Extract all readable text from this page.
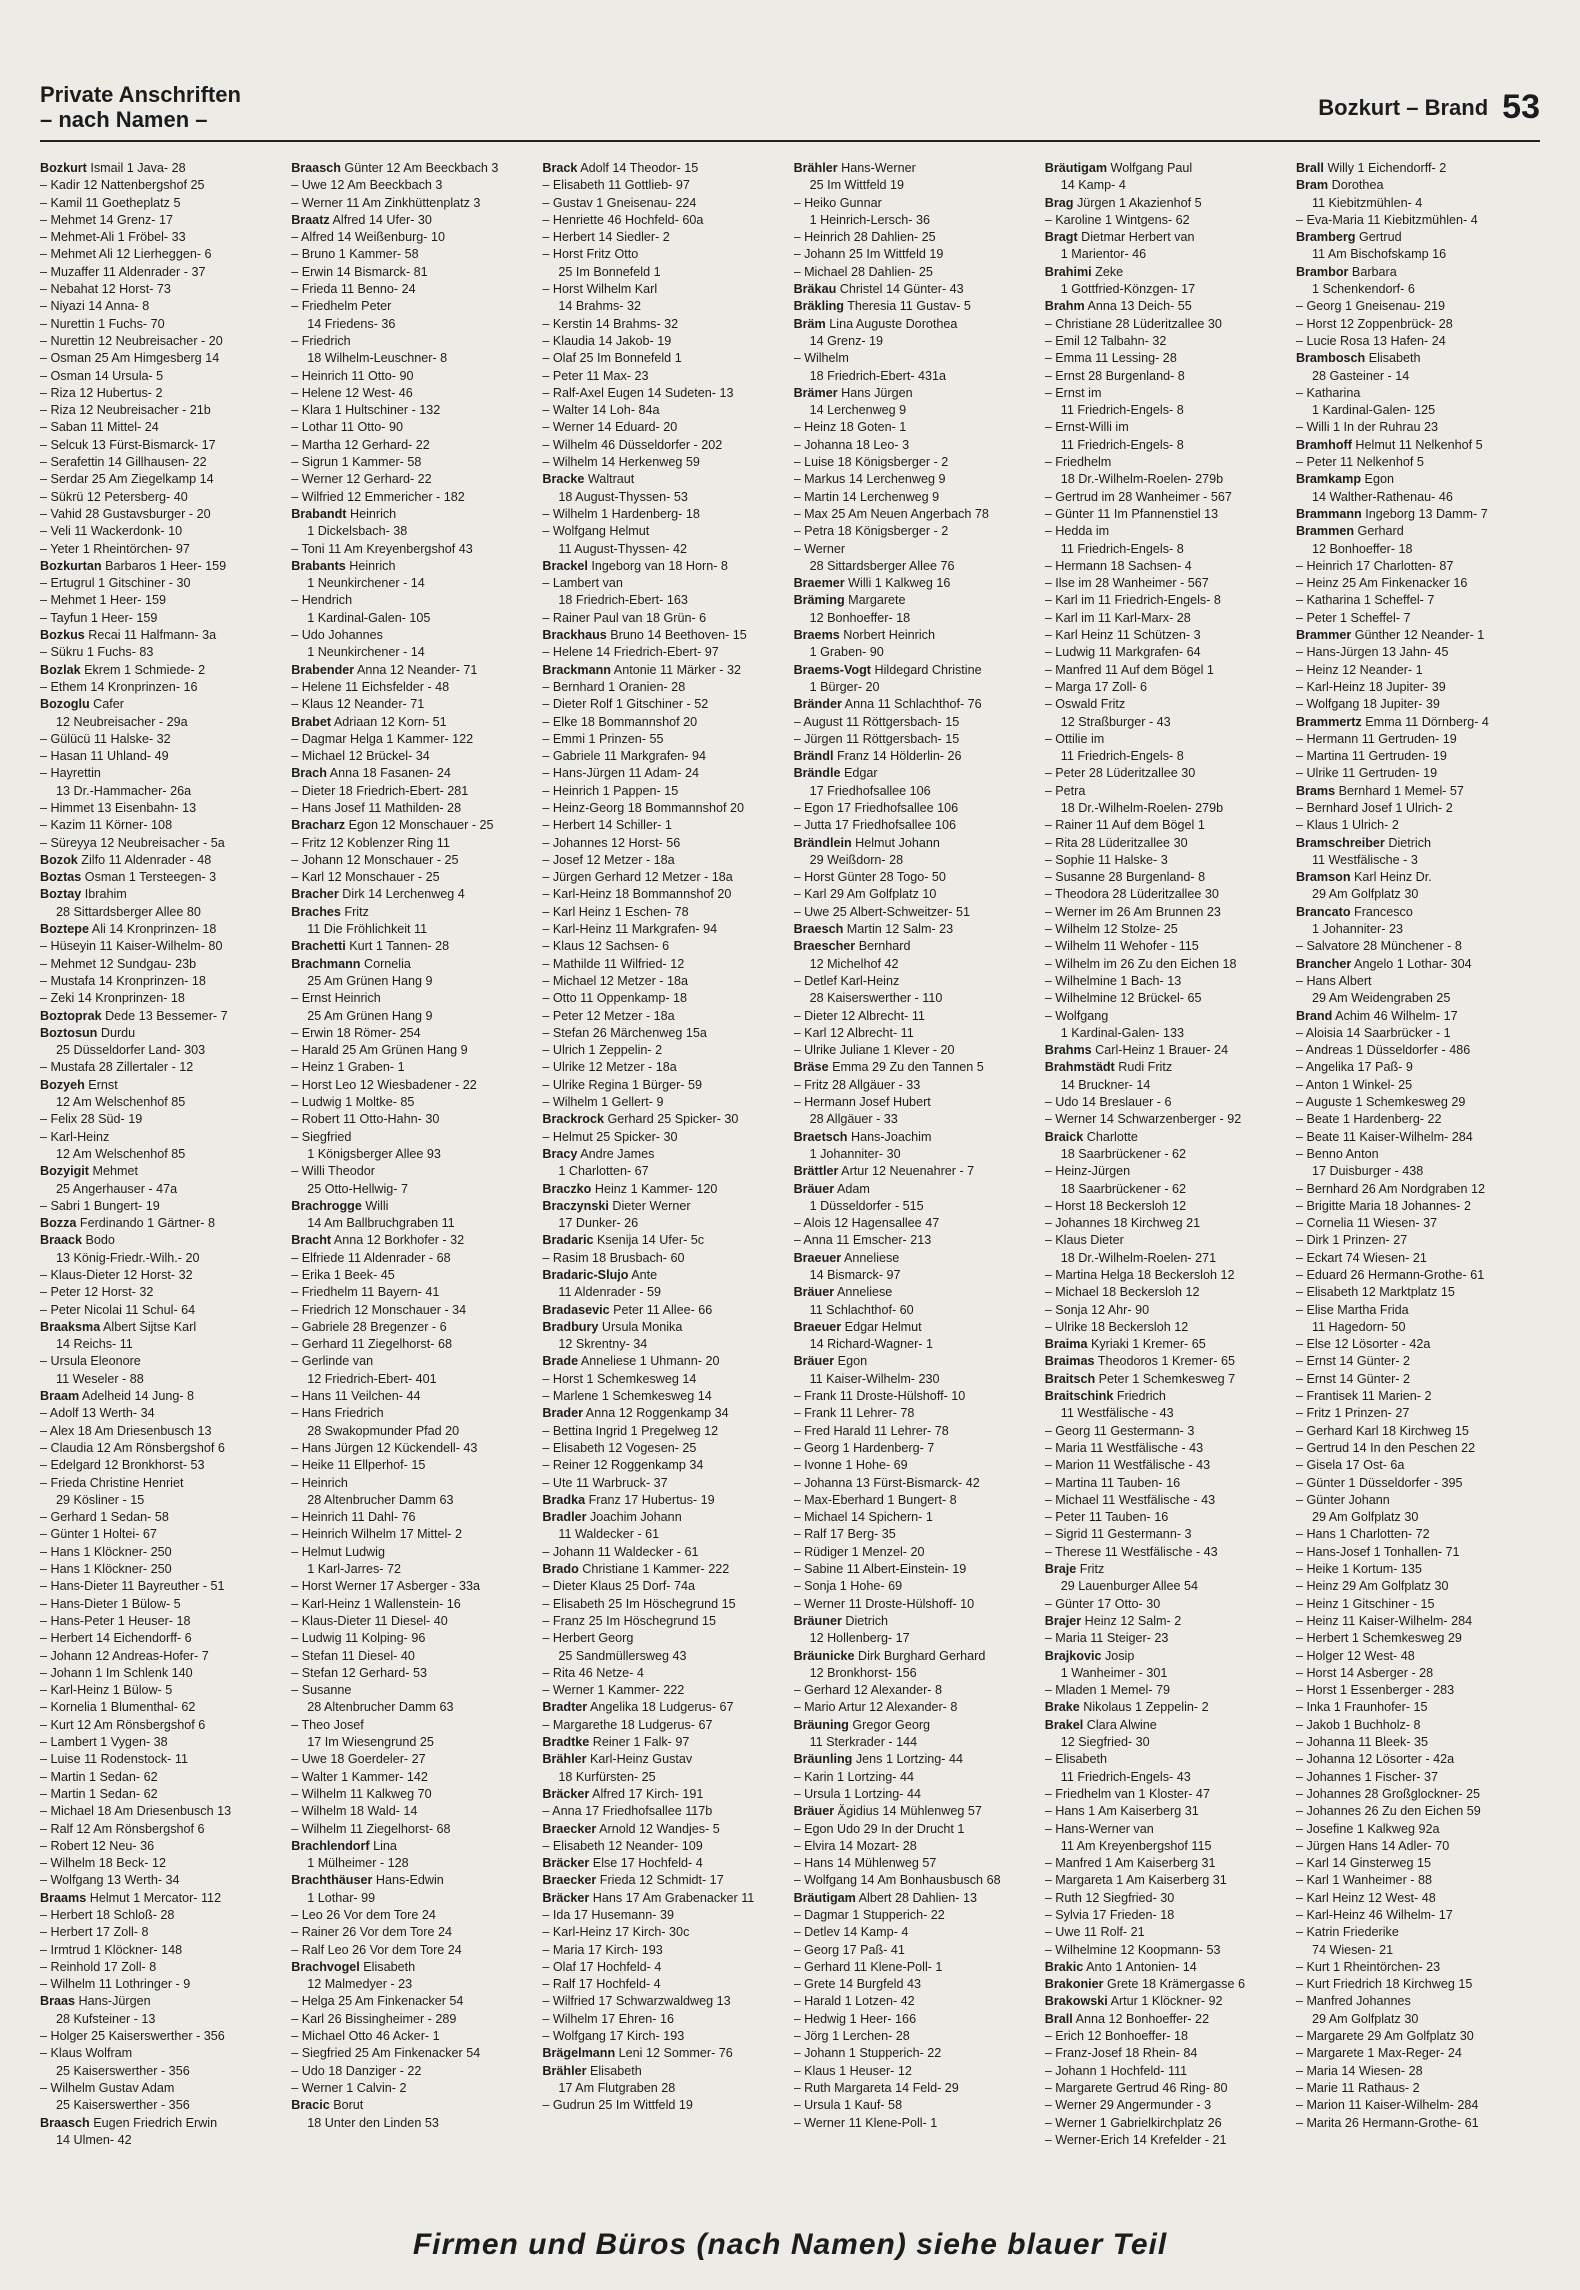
Private Anschriften
– nach Namen –	Bozkurt – Brand 53
Bozkurt Ismail 1 Java- 28
– Kadir 12 Nattenbergshof 25
– Kamil 11 Goetheplatz 5
– Mehmet 14 Grenz- 17
– Mehmet-Ali 1 Fröbel- 33
– Mehmet Ali 12 Lierheggen- 6
– Muzaffer 11 Aldenrader - 37
– Nebahat 12 Horst- 73
– Niyazi 14 Anna- 8
– Nurettin 1 Fuchs- 70
– Nurettin 12 Neubreisacher - 20
– Osman 25 Am Himgesberg 14
– Osman 14 Ursula- 5
– Riza 12 Hubertus- 2
– Riza 12 Neubreisacher - 21b
– Saban 11 Mittel- 24
– Selcuk 13 Fürst-Bismarck- 17
– Serafettin 14 Gillhausen- 22
– Serdar 25 Am Ziegelkamp 14
– Sükrü 12 Petersberg- 40
– Vahid 28 Gustavsburger - 20
– Veli 11 Wackerdonk- 10
– Yeter 1 Rheintörchen- 97
Bozkurtan Barbaros 1 Heer- 159
– Ertugrul 1 Gitschiner - 30
– Mehmet 1 Heer- 159
– Tayfun 1 Heer- 159
Bozkus Recai 11 Halfmann- 3a
– Sükru 1 Fuchs- 83
Bozlak Ekrem 1 Schmiede- 2
– Ethem 14 Kronprinzen- 16
Bozoglu Cafer
12 Neubreisacher - 29a
– Gülücü 11 Halske- 32
– Hasan 11 Uhland- 49
– Hayrettin
13 Dr.-Hammacher- 26a
– Himmet 13 Eisenbahn- 13
– Kazim 11 Körner- 108
– Süreyya 12 Neubreisacher - 5a
Bozok Zilfo 11 Aldenrader - 48
Boztas Osman 1 Tersteegen- 3
Boztay Ibrahim
28 Sittardsberger Allee 80
Boztepe Ali 14 Kronprinzen- 18
– Hüseyin 11 Kaiser-Wilhelm- 80
– Mehmet 12 Sundgau- 23b
– Mustafa 14 Kronprinzen- 18
– Zeki 14 Kronprinzen- 18
Boztoprak Dede 13 Bessemer- 7
Boztosun Durdu
25 Düsseldorfer Land- 303
– Mustafa 28 Zillertaler - 12
Bozyeh Ernst
12 Am Welschenhof 85
– Felix 28 Süd- 19
– Karl-Heinz
12 Am Welschenhof 85
Bozyigit Mehmet
25 Angerhauser - 47a
– Sabri 1 Bungert- 19
Bozza Ferdinando 1 Gärtner- 8
Braack Bodo
13 König-Friedr.-Wilh.- 20
– Klaus-Dieter 12 Horst- 32
– Peter 12 Horst- 32
– Peter Nicolai 11 Schul- 64
Braaksma Albert Sijtse Karl
14 Reichs- 11
– Ursula Eleonore
11 Weseler - 88
Braam Adelheid 14 Jung- 8
– Adolf 13 Werth- 34
– Alex 18 Am Driesenbusch 13
– Claudia 12 Am Rönsbergshof 6
– Edelgard 12 Bronkhorst- 53
– Frieda Christine Henriet
29 Kösliner - 15
– Gerhard 1 Sedan- 58
– Günter 1 Holtei- 67
– Hans 1 Klöckner- 250
– Hans 1 Klöckner- 250
– Hans-Dieter 11 Bayreuther - 51
– Hans-Dieter 1 Bülow- 5
– Hans-Peter 1 Heuser- 18
– Herbert 14 Eichendorff- 6
– Johann 12 Andreas-Hofer- 7
– Johann 1 Im Schlenk 140
– Karl-Heinz 1 Bülow- 5
– Kornelia 1 Blumenthal- 62
– Kurt 12 Am Rönsbergshof 6
– Lambert 1 Vygen- 38
– Luise 11 Rodenstock- 11
– Martin 1 Sedan- 62
– Martin 1 Sedan- 62
– Michael 18 Am Driesenbusch 13
– Ralf 12 Am Rönsbergshof 6
– Robert 12 Neu- 36
– Wilhelm 18 Beck- 12
– Wolfgang 13 Werth- 34
Braams Helmut 1 Mercator- 112
– Herbert 18 Schloß- 28
– Herbert 17 Zoll- 8
– Irmtrud 1 Klöckner- 148
– Reinhold 17 Zoll- 8
– Wilhelm 11 Lothringer - 9
Braas Hans-Jürgen
28 Kufsteiner - 13
– Holger 25 Kaiserswerther - 356
– Klaus Wolfram
25 Kaiserswerther - 356
– Wilhelm Gustav Adam
25 Kaiserswerther - 356
Braasch Eugen Friedrich Erwin
14 Ulmen- 42
Braasch Günter 12 Am Beeckbach 3
– Uwe 12 Am Beeckbach 3
– Werner 11 Am Zinkhüttenplatz 3
Braatz Alfred 14 Ufer- 30
– Alfred 14 Weißenburg- 10
– Bruno 1 Kammer- 58
– Erwin 14 Bismarck- 81
– Frieda 11 Benno- 24
– Friedhelm Peter
14 Friedens- 36
– Friedrich
18 Wilhelm-Leuschner- 8
– Heinrich 11 Otto- 90
– Helene 12 West- 46
– Klara 1 Hultschiner - 132
– Lothar 11 Otto- 90
– Martha 12 Gerhard- 22
– Sigrun 1 Kammer- 58
– Werner 12 Gerhard- 22
– Wilfried 12 Emmericher - 182
Brabandt Heinrich
1 Dickelsbach- 38
– Toni 11 Am Kreyenbergshof 43
Brabants Heinrich
1 Neunkirchener - 14
– Hendrich
1 Kardinal-Galen- 105
– Udo Johannes
1 Neunkirchener - 14
Brabender Anna 12 Neander- 71
– Helene 11 Eichsfelder - 48
– Klaus 12 Neander- 71
Brabet Adriaan 12 Korn- 51
– Dagmar Helga 1 Kammer- 122
– Michael 12 Brückel- 34
Brach Anna 18 Fasanen- 24
– Dieter 18 Friedrich-Ebert- 281
– Hans Josef 11 Mathilden- 28
Bracharz Egon 12 Monschauer - 25
– Fritz 12 Koblenzer Ring 11
– Johann 12 Monschauer - 25
– Karl 12 Monschauer - 25
Bracher Dirk 14 Lerchenweg 4
Braches Fritz
11 Die Fröhlichkeit 11
Brachetti Kurt 1 Tannen- 28
Brachmann Cornelia
25 Am Grünen Hang 9
– Ernst Heinrich
25 Am Grünen Hang 9
– Erwin 18 Römer- 254
– Harald 25 Am Grünen Hang 9
– Heinz 1 Graben- 1
– Horst Leo 12 Wiesbadener - 22
– Ludwig 1 Moltke- 85
– Robert 11 Otto-Hahn- 30
– Siegfried
1 Königsberger Allee 93
– Willi Theodor
25 Otto-Hellwig- 7
Brachrogge Willi
14 Am Ballbruchgraben 11
Bracht Anna 12 Borkhofer - 32
– Elfriede 11 Aldenrader - 68
– Erika 1 Beek- 45
– Friedhelm 11 Bayern- 41
– Friedrich 12 Monschauer - 34
– Gabriele 28 Bregenzer - 6
– Gerhard 11 Ziegelhorst- 68
– Gerlinde van
12 Friedrich-Ebert- 401
– Hans 11 Veilchen- 44
– Hans Friedrich
28 Swakopmunder Pfad 20
– Hans Jürgen 12 Kückendell- 43
– Heike 11 Ellperhof- 15
– Heinrich
28 Altenbrucher Damm 63
– Heinrich 11 Dahl- 76
– Heinrich Wilhelm 17 Mittel- 2
– Helmut Ludwig
1 Karl-Jarres- 72
– Horst Werner 17 Asberger - 33a
– Karl-Heinz 1 Wallenstein- 16
– Klaus-Dieter 11 Diesel- 40
– Ludwig 11 Kolping- 96
– Stefan 11 Diesel- 40
– Stefan 12 Gerhard- 53
– Susanne
28 Altenbrucher Damm 63
– Theo Josef
17 Im Wiesengrund 25
– Uwe 18 Goerdeler- 27
– Walter 1 Kammer- 142
– Wilhelm 11 Kalkweg 70
– Wilhelm 18 Wald- 14
– Wilhelm 11 Ziegelhorst- 68
Brachlendorf Lina
1 Mülheimer - 128
Brachthäuser Hans-Edwin
1 Lothar- 99
– Leo 26 Vor dem Tore 24
– Rainer 26 Vor dem Tore 24
– Ralf Leo 26 Vor dem Tore 24
Brachvogel Elisabeth
12 Malmedyer - 23
– Helga 25 Am Finkenacker 54
– Karl 26 Bissingheimer - 289
– Michael Otto 46 Acker- 1
– Siegfried 25 Am Finkenacker 54
– Udo 18 Danziger - 22
– Werner 1 Calvin- 2
Bracic Borut
18 Unter den Linden 53
Brack Adolf 14 Theodor- 15
– Elisabeth 11 Gottlieb- 97
– Gustav 1 Gneisenau- 224
– Henriette 46 Hochfeld- 60a
– Herbert 14 Siedler- 2
– Horst Fritz Otto
25 Im Bonnefeld 1
– Horst Wilhelm Karl
14 Brahms- 32
– Kerstin 14 Brahms- 32
– Klaudia 14 Jakob- 19
– Olaf 25 Im Bonnefeld 1
– Peter 11 Max- 23
– Ralf-Axel Eugen 14 Sudeten- 13
– Walter 14 Loh- 84a
– Werner 14 Eduard- 20
– Wilhelm 46 Düsseldorfer - 202
– Wilhelm 14 Herkenweg 59
Bracke Waltraut
18 August-Thyssen- 53
– Wilhelm 1 Hardenberg- 18
– Wolfgang Helmut
11 August-Thyssen- 42
Brackel Ingeborg van 18 Horn- 8
– Lambert van
18 Friedrich-Ebert- 163
– Rainer Paul van 18 Grün- 6
Brackhaus Bruno 14 Beethoven- 15
– Helene 14 Friedrich-Ebert- 97
Brackmann Antonie 11 Märker - 32
– Bernhard 1 Oranien- 28
– Dieter Rolf 1 Gitschiner - 52
– Elke 18 Bommannshof 20
– Emmi 1 Prinzen- 55
– Gabriele 11 Markgrafen- 94
– Hans-Jürgen 11 Adam- 24
– Heinrich 1 Pappen- 15
– Heinz-Georg 18 Bommannshof 20
– Herbert 14 Schiller- 1
– Johannes 12 Horst- 56
– Josef 12 Metzer - 18a
– Jürgen Gerhard 12 Metzer - 18a
– Karl-Heinz 18 Bommannshof 20
– Karl Heinz 1 Eschen- 78
– Karl-Heinz 11 Markgrafen- 94
– Klaus 12 Sachsen- 6
– Mathilde 11 Wilfried- 12
– Michael 12 Metzer - 18a
– Otto 11 Oppenkamp- 18
– Peter 12 Metzer - 18a
– Stefan 26 Märchenweg 15a
– Ulrich 1 Zeppelin- 2
– Ulrike 12 Metzer - 18a
– Ulrike Regina 1 Bürger- 59
– Wilhelm 1 Gellert- 9
Brackrock Gerhard 25 Spicker- 30
– Helmut 25 Spicker- 30
Bracy Andre James
1 Charlotten- 67
Braczko Heinz 1 Kammer- 120
Braczynski Dieter Werner
17 Dunker- 26
Bradaric Ksenija 14 Ufer- 5c
– Rasim 18 Brusbach- 60
Bradaric-Slujo Ante
11 Aldenrader - 59
Bradasevic Peter 11 Allee- 66
Bradbury Ursula Monika
12 Skrentny- 34
Brade Anneliese 1 Uhmann- 20
– Horst 1 Schemkesweg 14
– Marlene 1 Schemkesweg 14
Brader Anna 12 Roggenkamp 34
– Bettina Ingrid 1 Pregelweg 12
– Elisabeth 12 Vogesen- 25
– Reiner 12 Roggenkamp 34
– Ute 11 Warbruck- 37
Bradka Franz 17 Hubertus- 19
Bradler Joachim Johann
11 Waldecker - 61
– Johann 11 Waldecker - 61
Brado Christiane 1 Kammer- 222
– Dieter Klaus 25 Dorf- 74a
– Elisabeth 25 Im Höschegrund 15
– Franz 25 Im Höschegrund 15
– Herbert Georg
25 Sandmüllersweg 43
– Rita 46 Netze- 4
– Werner 1 Kammer- 222
Bradter Angelika 18 Ludgerus- 67
– Margarethe 18 Ludgerus- 67
Bradtke Reiner 1 Falk- 97
Brähler Karl-Heinz Gustav
18 Kurfürsten- 25
Bräcker Alfred 17 Kirch- 191
– Anna 17 Friedhofsallee 117b
Braecker Arnold 12 Wandjes- 5
– Elisabeth 12 Neander- 109
Bräcker Else 17 Hochfeld- 4
Braecker Frieda 12 Schmidt- 17
Bräcker Hans 17 Am Grabenacker 11
– Ida 17 Husemann- 39
– Karl-Heinz 17 Kirch- 30c
– Maria 17 Kirch- 193
– Olaf 17 Hochfeld- 4
– Ralf 17 Hochfeld- 4
– Wilfried 17 Schwarzwaldweg 13
– Wilhelm 17 Ehren- 16
– Wolfgang 17 Kirch- 193
Brägelmann Leni 12 Sommer- 76
Brähler Elisabeth
17 Am Flutgraben 28
– Gudrun 25 Im Wittfeld 19
Brähler Hans-Werner
25 Im Wittfeld 19
– Heiko Gunnar
1 Heinrich-Lersch- 36
– Heinrich 28 Dahlien- 25
– Johann 25 Im Wittfeld 19
– Michael 28 Dahlien- 25
Bräkau Christel 14 Günter- 43
Bräkling Theresia 11 Gustav- 5
Bräm Lina Auguste Dorothea
14 Grenz- 19
– Wilhelm
18 Friedrich-Ebert- 431a
Brämer Hans Jürgen
14 Lerchenweg 9
– Heinz 18 Goten- 1
– Johanna 18 Leo- 3
– Luise 18 Königsberger - 2
– Markus 14 Lerchenweg 9
– Martin 14 Lerchenweg 9
– Max 25 Am Neuen Angerbach 78
– Petra 18 Königsberger - 2
– Werner
28 Sittardsberger Allee 76
Braemer Willi 1 Kalkweg 16
Bräming Margarete
12 Bonhoeffer- 18
Braems Norbert Heinrich
1 Graben- 90
Braems-Vogt Hildegard Christine
1 Bürger- 20
Bränder Anna 11 Schlachthof- 76
– August 11 Röttgersbach- 15
– Jürgen 11 Röttgersbach- 15
Brändl Franz 14 Hölderlin- 26
Brändle Edgar
17 Friedhofsallee 106
– Egon 17 Friedhofsallee 106
– Jutta 17 Friedhofsallee 106
Brändlein Helmut Johann
29 Weißdorn- 28
– Horst Günter 28 Togo- 50
– Karl 29 Am Golfplatz 10
– Uwe 25 Albert-Schweitzer- 51
Braesch Martin 12 Salm- 23
Braescher Bernhard
12 Michelhof 42
– Detlef Karl-Heinz
28 Kaiserswerther - 110
– Dieter 12 Albrecht- 11
– Karl 12 Albrecht- 11
– Ulrike Juliane 1 Klever - 20
Bräse Emma 29 Zu den Tannen 5
– Fritz 28 Allgäuer - 33
– Hermann Josef Hubert
28 Allgäuer - 33
Braetsch Hans-Joachim
1 Johanniter- 30
Brättler Artur 12 Neuenahrer - 7
Bräuer Adam
1 Düsseldorfer - 515
– Alois 12 Hagensallee 47
– Anna 11 Emscher- 213
Braeuer Anneliese
14 Bismarck- 97
Bräuer Anneliese
11 Schlachthof- 60
Braeuer Edgar Helmut
14 Richard-Wagner- 1
Bräuer Egon
11 Kaiser-Wilhelm- 230
– Frank 11 Droste-Hülshoff- 10
– Frank 11 Lehrer- 78
– Fred Harald 11 Lehrer- 78
– Georg 1 Hardenberg- 7
– Ivonne 1 Hohe- 69
– Johanna 13 Fürst-Bismarck- 42
– Max-Eberhard 1 Bungert- 8
– Michael 14 Spichern- 1
– Ralf 17 Berg- 35
– Rüdiger 1 Menzel- 20
– Sabine 11 Albert-Einstein- 19
– Sonja 1 Hohe- 69
– Werner 11 Droste-Hülshoff- 10
Bräuner Dietrich
12 Hollenberg- 17
Bräunicke Dirk Burghard Gerhard
12 Bronkhorst- 156
– Gerhard 12 Alexander- 8
– Mario Artur 12 Alexander- 8
Bräuning Gregor Georg
11 Sterkrader - 144
Bräunling Jens 1 Lortzing- 44
– Karin 1 Lortzing- 44
– Ursula 1 Lortzing- 44
Bräuer Ägidius 14 Mühlenweg 57
– Egon Udo 29 In der Drucht 1
– Elvira 14 Mozart- 28
– Hans 14 Mühlenweg 57
– Wolfgang 14 Am Bonhausbusch 68
Bräutigam Albert 28 Dahlien- 13
– Dagmar 1 Stupperich- 22
– Detlev 14 Kamp- 4
– Georg 17 Paß- 41
– Gerhard 11 Klene-Poll- 1
– Grete 14 Burgfeld 43
– Harald 1 Lotzen- 42
– Hedwig 1 Heer- 166
– Jörg 1 Lerchen- 28
– Johann 1 Stupperich- 22
– Klaus 1 Heuser- 12
– Ruth Margareta 14 Feld- 29
– Ursula 1 Kauf- 58
– Werner 11 Klene-Poll- 1
Bräutigam Wolfgang Paul
14 Kamp- 4
Brag Jürgen 1 Akazienhof 5
– Karoline 1 Wintgens- 62
Bragt Dietmar Herbert van
1 Marientor- 46
Brahimi Zeke
1 Gottfried-Könzgen- 17
Brahm Anna 13 Deich- 55
– Christiane 28 Lüderitzallee 30
– Emil 12 Talbahn- 32
– Emma 11 Lessing- 28
– Ernst 28 Burgenland- 8
– Ernst im
11 Friedrich-Engels- 8
– Ernst-Willi im
11 Friedrich-Engels- 8
– Friedhelm
18 Dr.-Wilhelm-Roelen- 279b
– Gertrud im 28 Wanheimer - 567
– Günter 11 Im Pfannenstiel 13
– Hedda im
11 Friedrich-Engels- 8
– Hermann 18 Sachsen- 4
– Ilse im 28 Wanheimer - 567
– Karl im 11 Friedrich-Engels- 8
– Karl im 11 Karl-Marx- 28
– Karl Heinz 11 Schützen- 3
– Ludwig 11 Markgrafen- 64
– Manfred 11 Auf dem Bögel 1
– Marga 17 Zoll- 6
– Oswald Fritz
12 Straßburger - 43
– Ottilie im
11 Friedrich-Engels- 8
– Peter 28 Lüderitzallee 30
– Petra
18 Dr.-Wilhelm-Roelen- 279b
– Rainer 11 Auf dem Bögel 1
– Rita 28 Lüderitzallee 30
– Sophie 11 Halske- 3
– Susanne 28 Burgenland- 8
– Theodora 28 Lüderitzallee 30
– Werner im 26 Am Brunnen 23
– Wilhelm 12 Stolze- 25
– Wilhelm 11 Wehofer - 115
– Wilhelm im 26 Zu den Eichen 18
– Wilhelmine 1 Bach- 13
– Wilhelmine 12 Brückel- 65
– Wolfgang
1 Kardinal-Galen- 133
Brahms Carl-Heinz 1 Brauer- 24
Brahmstädt Rudi Fritz
14 Bruckner- 14
– Udo 14 Breslauer - 6
– Werner 14 Schwarzenberger - 92
Braick Charlotte
18 Saarbrückener - 62
– Heinz-Jürgen
18 Saarbrückener - 62
– Horst 18 Beckersloh 12
– Johannes 18 Kirchweg 21
– Klaus Dieter
18 Dr.-Wilhelm-Roelen- 271
– Martina Helga 18 Beckersloh 12
– Michael 18 Beckersloh 12
– Sonja 12 Ahr- 90
– Ulrike 18 Beckersloh 12
Braima Kyriaki 1 Kremer- 65
Braimas Theodoros 1 Kremer- 65
Braitsch Peter 1 Schemkesweg 7
Braitschink Friedrich
11 Westfälische - 43
– Georg 11 Gestermann- 3
– Maria 11 Westfälische - 43
– Marion 11 Westfälische - 43
– Martina 11 Tauben- 16
– Michael 11 Westfälische - 43
– Peter 11 Tauben- 16
– Sigrid 11 Gestermann- 3
– Therese 11 Westfälische - 43
Braje Fritz
29 Lauenburger Allee 54
– Günter 17 Otto- 30
Brajer Heinz 12 Salm- 2
– Maria 11 Steiger- 23
Brajkovic Josip
1 Wanheimer - 301
– Mladen 1 Memel- 79
Brake Nikolaus 1 Zeppelin- 2
Brakel Clara Alwine
12 Siegfried- 30
– Elisabeth
11 Friedrich-Engels- 43
– Friedhelm van 1 Kloster- 47
– Hans 1 Am Kaiserberg 31
– Hans-Werner van
11 Am Kreyenbergshof 115
– Manfred 1 Am Kaiserberg 31
– Margareta 1 Am Kaiserberg 31
– Ruth 12 Siegfried- 30
– Sylvia 17 Frieden- 18
– Uwe 11 Rolf- 21
– Wilhelmine 12 Koopmann- 53
Brakic Anto 1 Antonien- 14
Brakonier Grete 18 Krämergasse 6
Brakowski Artur 1 Klöckner- 92
Brall Anna 12 Bonhoeffer- 22
– Erich 12 Bonhoeffer- 18
– Franz-Josef 18 Rhein- 84
– Johann 1 Hochfeld- 111
– Margarete Gertrud 46 Ring- 80
– Werner 29 Angermunder - 3
– Werner 1 Gabrielkirchplatz 26
– Werner-Erich 14 Krefelder - 21
Brall Willy 1 Eichendorff- 2
Bram Dorothea
11 Kiebitzmühlen- 4
– Eva-Maria 11 Kiebitzmühlen- 4
Bramberg Gertrud
11 Am Bischofskamp 16
Brambor Barbara
1 Schenkendorf- 6
– Georg 1 Gneisenau- 219
– Horst 12 Zoppenbrück- 28
– Lucie Rosa 13 Hafen- 24
Brambosch Elisabeth
28 Gasteiner - 14
– Katharina
1 Kardinal-Galen- 125
– Willi 1 In der Ruhrau 23
Bramhoff Helmut 11 Nelkenhof 5
– Peter 11 Nelkenhof 5
Bramkamp Egon
14 Walther-Rathenau- 46
Brammann Ingeborg 13 Damm- 7
Brammen Gerhard
12 Bonhoeffer- 18
– Heinrich 17 Charlotten- 87
– Heinz 25 Am Finkenacker 16
– Katharina 1 Scheffel- 7
– Peter 1 Scheffel- 7
Brammer Günther 12 Neander- 1
– Hans-Jürgen 13 Jahn- 45
– Heinz 12 Neander- 1
– Karl-Heinz 18 Jupiter- 39
– Wolfgang 18 Jupiter- 39
Brammertz Emma 11 Dörnberg- 4
– Hermann 11 Gertruden- 19
– Martina 11 Gertruden- 19
– Ulrike 11 Gertruden- 19
Brams Bernhard 1 Memel- 57
– Bernhard Josef 1 Ulrich- 2
– Klaus 1 Ulrich- 2
Bramschreiber Dietrich
11 Westfälische - 3
Bramson Karl Heinz Dr.
29 Am Golfplatz 30
Brancato Francesco
1 Johanniter- 23
– Salvatore 28 Münchener - 8
Brancher Angelo 1 Lothar- 304
– Hans Albert
29 Am Weidengraben 25
Brand Achim 46 Wilhelm- 17
– Aloisia 14 Saarbrücker - 1
– Andreas 1 Düsseldorfer - 486
– Angelika 17 Paß- 9
– Anton 1 Winkel- 25
– Auguste 1 Schemkesweg 29
– Beate 1 Hardenberg- 22
– Beate 11 Kaiser-Wilhelm- 284
– Benno Anton
17 Duisburger - 438
– Bernhard 26 Am Nordgraben 12
– Brigitte Maria 18 Johannes- 2
– Cornelia 11 Wiesen- 37
– Dirk 1 Prinzen- 27
– Eckart 74 Wiesen- 21
– Eduard 26 Hermann-Grothe- 61
– Elisabeth 12 Marktplatz 15
– Elise Martha Frida
11 Hagedorn- 50
– Else 12 Lösorter - 42a
– Ernst 14 Günter- 2
– Ernst 14 Günter- 2
– Frantisek 11 Marien- 2
– Fritz 1 Prinzen- 27
– Gerhard Karl 18 Kirchweg 15
– Gertrud 14 In den Peschen 22
– Gisela 17 Ost- 6a
– Günter 1 Düsseldorfer - 395
– Günter Johann
29 Am Golfplatz 30
– Hans 1 Charlotten- 72
– Hans-Josef 1 Tonhallen- 71
– Heike 1 Kortum- 135
– Heinz 29 Am Golfplatz 30
– Heinz 1 Gitschiner - 15
– Heinz 11 Kaiser-Wilhelm- 284
– Herbert 1 Schemkesweg 29
– Holger 12 West- 48
– Horst 14 Asberger - 28
– Horst 1 Essenberger - 283
– Inka 1 Fraunhofer- 15
– Jakob 1 Buchholz- 8
– Johanna 11 Bleek- 35
– Johanna 12 Lösorter - 42a
– Johannes 1 Fischer- 37
– Johannes 28 Großglockner- 25
– Johannes 26 Zu den Eichen 59
– Josefine 1 Kalkweg 92a
– Jürgen Hans 14 Adler- 70
– Karl 14 Ginsterweg 15
– Karl 1 Wanheimer - 88
– Karl Heinz 12 West- 48
– Karl-Heinz 46 Wilhelm- 17
– Katrin Friederike
74 Wiesen- 21
– Kurt 1 Rheintörchen- 23
– Kurt Friedrich 18 Kirchweg 15
– Manfred Johannes
29 Am Golfplatz 30
– Margarete 29 Am Golfplatz 30
– Margarete 1 Max-Reger- 24
– Maria 14 Wiesen- 28
– Marie 11 Rathaus- 2
– Marion 11 Kaiser-Wilhelm- 284
– Marita 26 Hermann-Grothe- 61
Firmen und Büros (nach Namen) siehe blauer Teil
